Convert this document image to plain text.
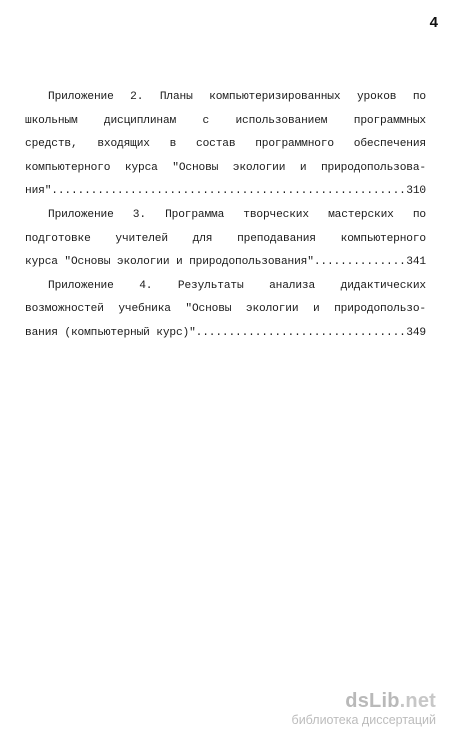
4
Приложение 2. Планы компьютеризированных уроков по
школьным дисциплинам с использованием программных
средств, входящих в состав программного обеспечения
компьютерного курса "Основы экологии и природопользова-
ния" .....	310
Приложение 3. Программа творческих мастерских по
подготовке учителей для преподавания компьютерного
курса "Основы экологии и природопользования" .....	341
Приложение 4. Результаты анализа дидактических
возможностей учебника "Основы экологии и природопользо-
вания (компьютерный курс)" .....	349
dsLib.net
библиотека диссертаций
